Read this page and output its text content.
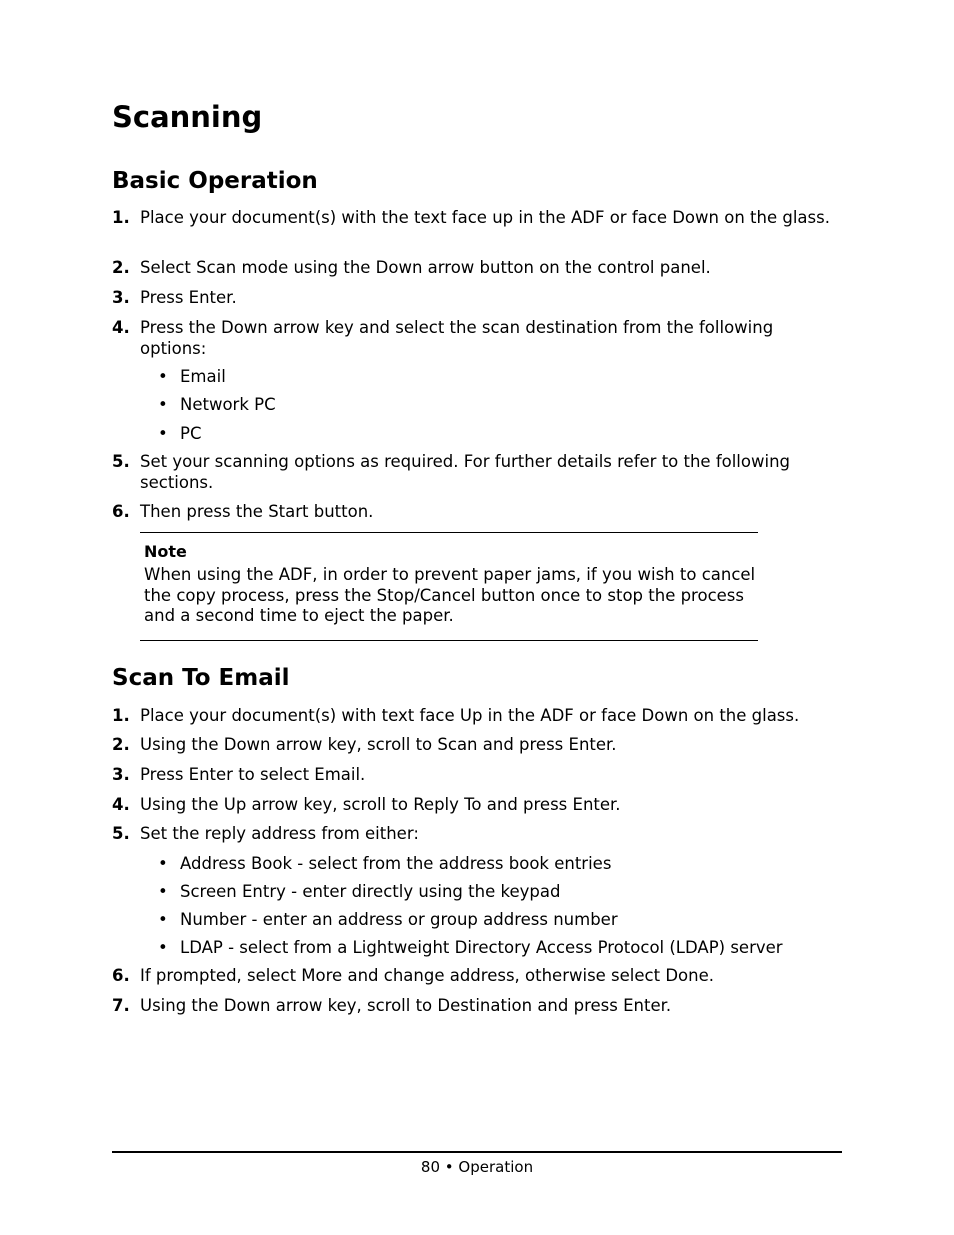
Scanning
Basic Operation
1. Place your document(s) with the text face up in the ADF or face Down on the glass.
2. Select Scan mode using the Down arrow button on the control panel.
3. Press Enter.
4. Press the Down arrow key and select the scan destination from the following options:
• Email
• Network PC
• PC
5. Set your scanning options as required. For further details refer to the following sections.
6. Then press the Start button.
Note
When using the ADF, in order to prevent paper jams, if you wish to cancel the copy process, press the Stop/Cancel button once to stop the process and a second time to eject the paper.
Scan To Email
1. Place your document(s) with text face Up in the ADF or face Down on the glass.
2. Using the Down arrow key, scroll to Scan and press Enter.
3. Press Enter to select Email.
4. Using the Up arrow key, scroll to Reply To and press Enter.
5. Set the reply address from either:
• Address Book - select from the address book entries
• Screen Entry - enter directly using the keypad
• Number - enter an address or group address number
• LDAP - select from a Lightweight Directory Access Protocol (LDAP) server
6. If prompted, select More and change address, otherwise select Done.
7. Using the Down arrow key, scroll to Destination and press Enter.
80 • Operation
